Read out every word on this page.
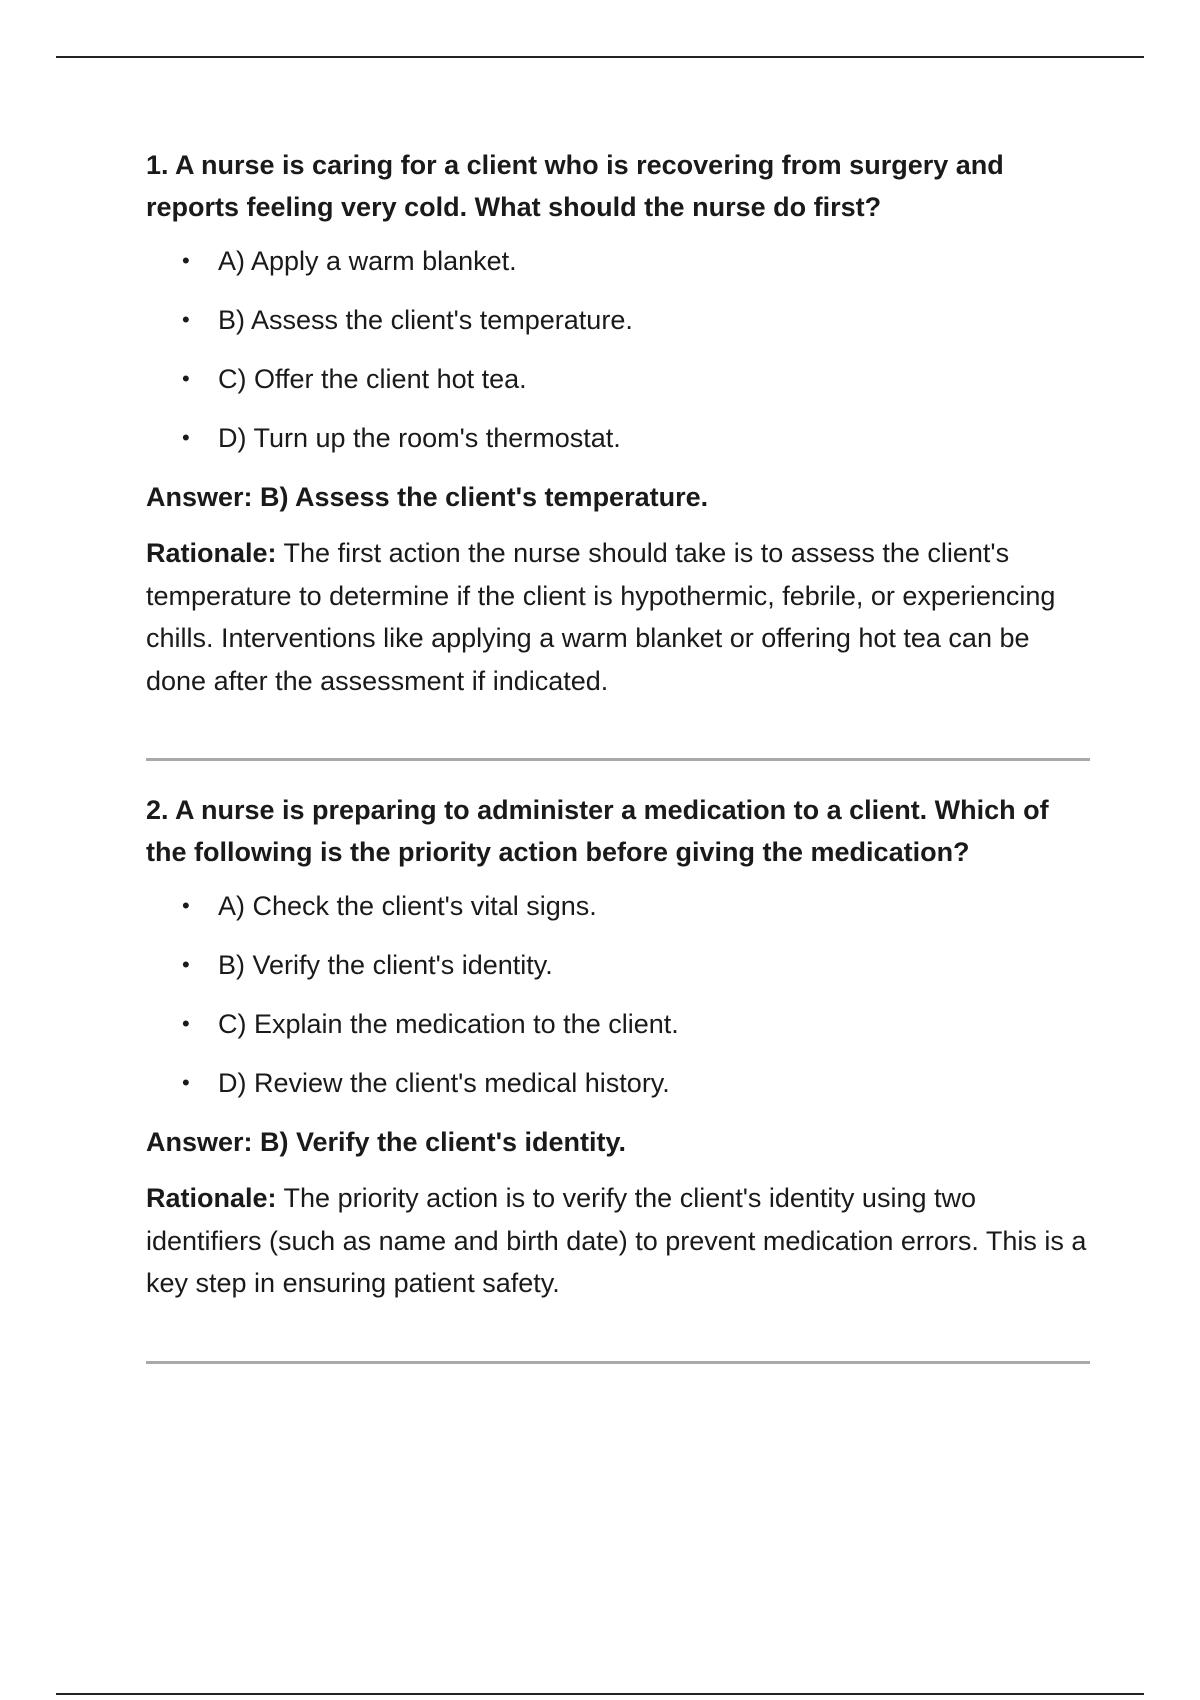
1. A nurse is caring for a client who is recovering from surgery and reports feeling very cold. What should the nurse do first?

• A) Apply a warm blanket.
• B) Assess the client's temperature.
• C) Offer the client hot tea.
• D) Turn up the room's thermostat.

Answer: B) Assess the client's temperature.

Rationale: The first action the nurse should take is to assess the client's temperature to determine if the client is hypothermic, febrile, or experiencing chills. Interventions like applying a warm blanket or offering hot tea can be done after the assessment if indicated.

2. A nurse is preparing to administer a medication to a client. Which of the following is the priority action before giving the medication?

• A) Check the client's vital signs.
• B) Verify the client's identity.
• C) Explain the medication to the client.
• D) Review the client's medical history.

Answer: B) Verify the client's identity.

Rationale: The priority action is to verify the client's identity using two identifiers (such as name and birth date) to prevent medication errors. This is a key step in ensuring patient safety.
